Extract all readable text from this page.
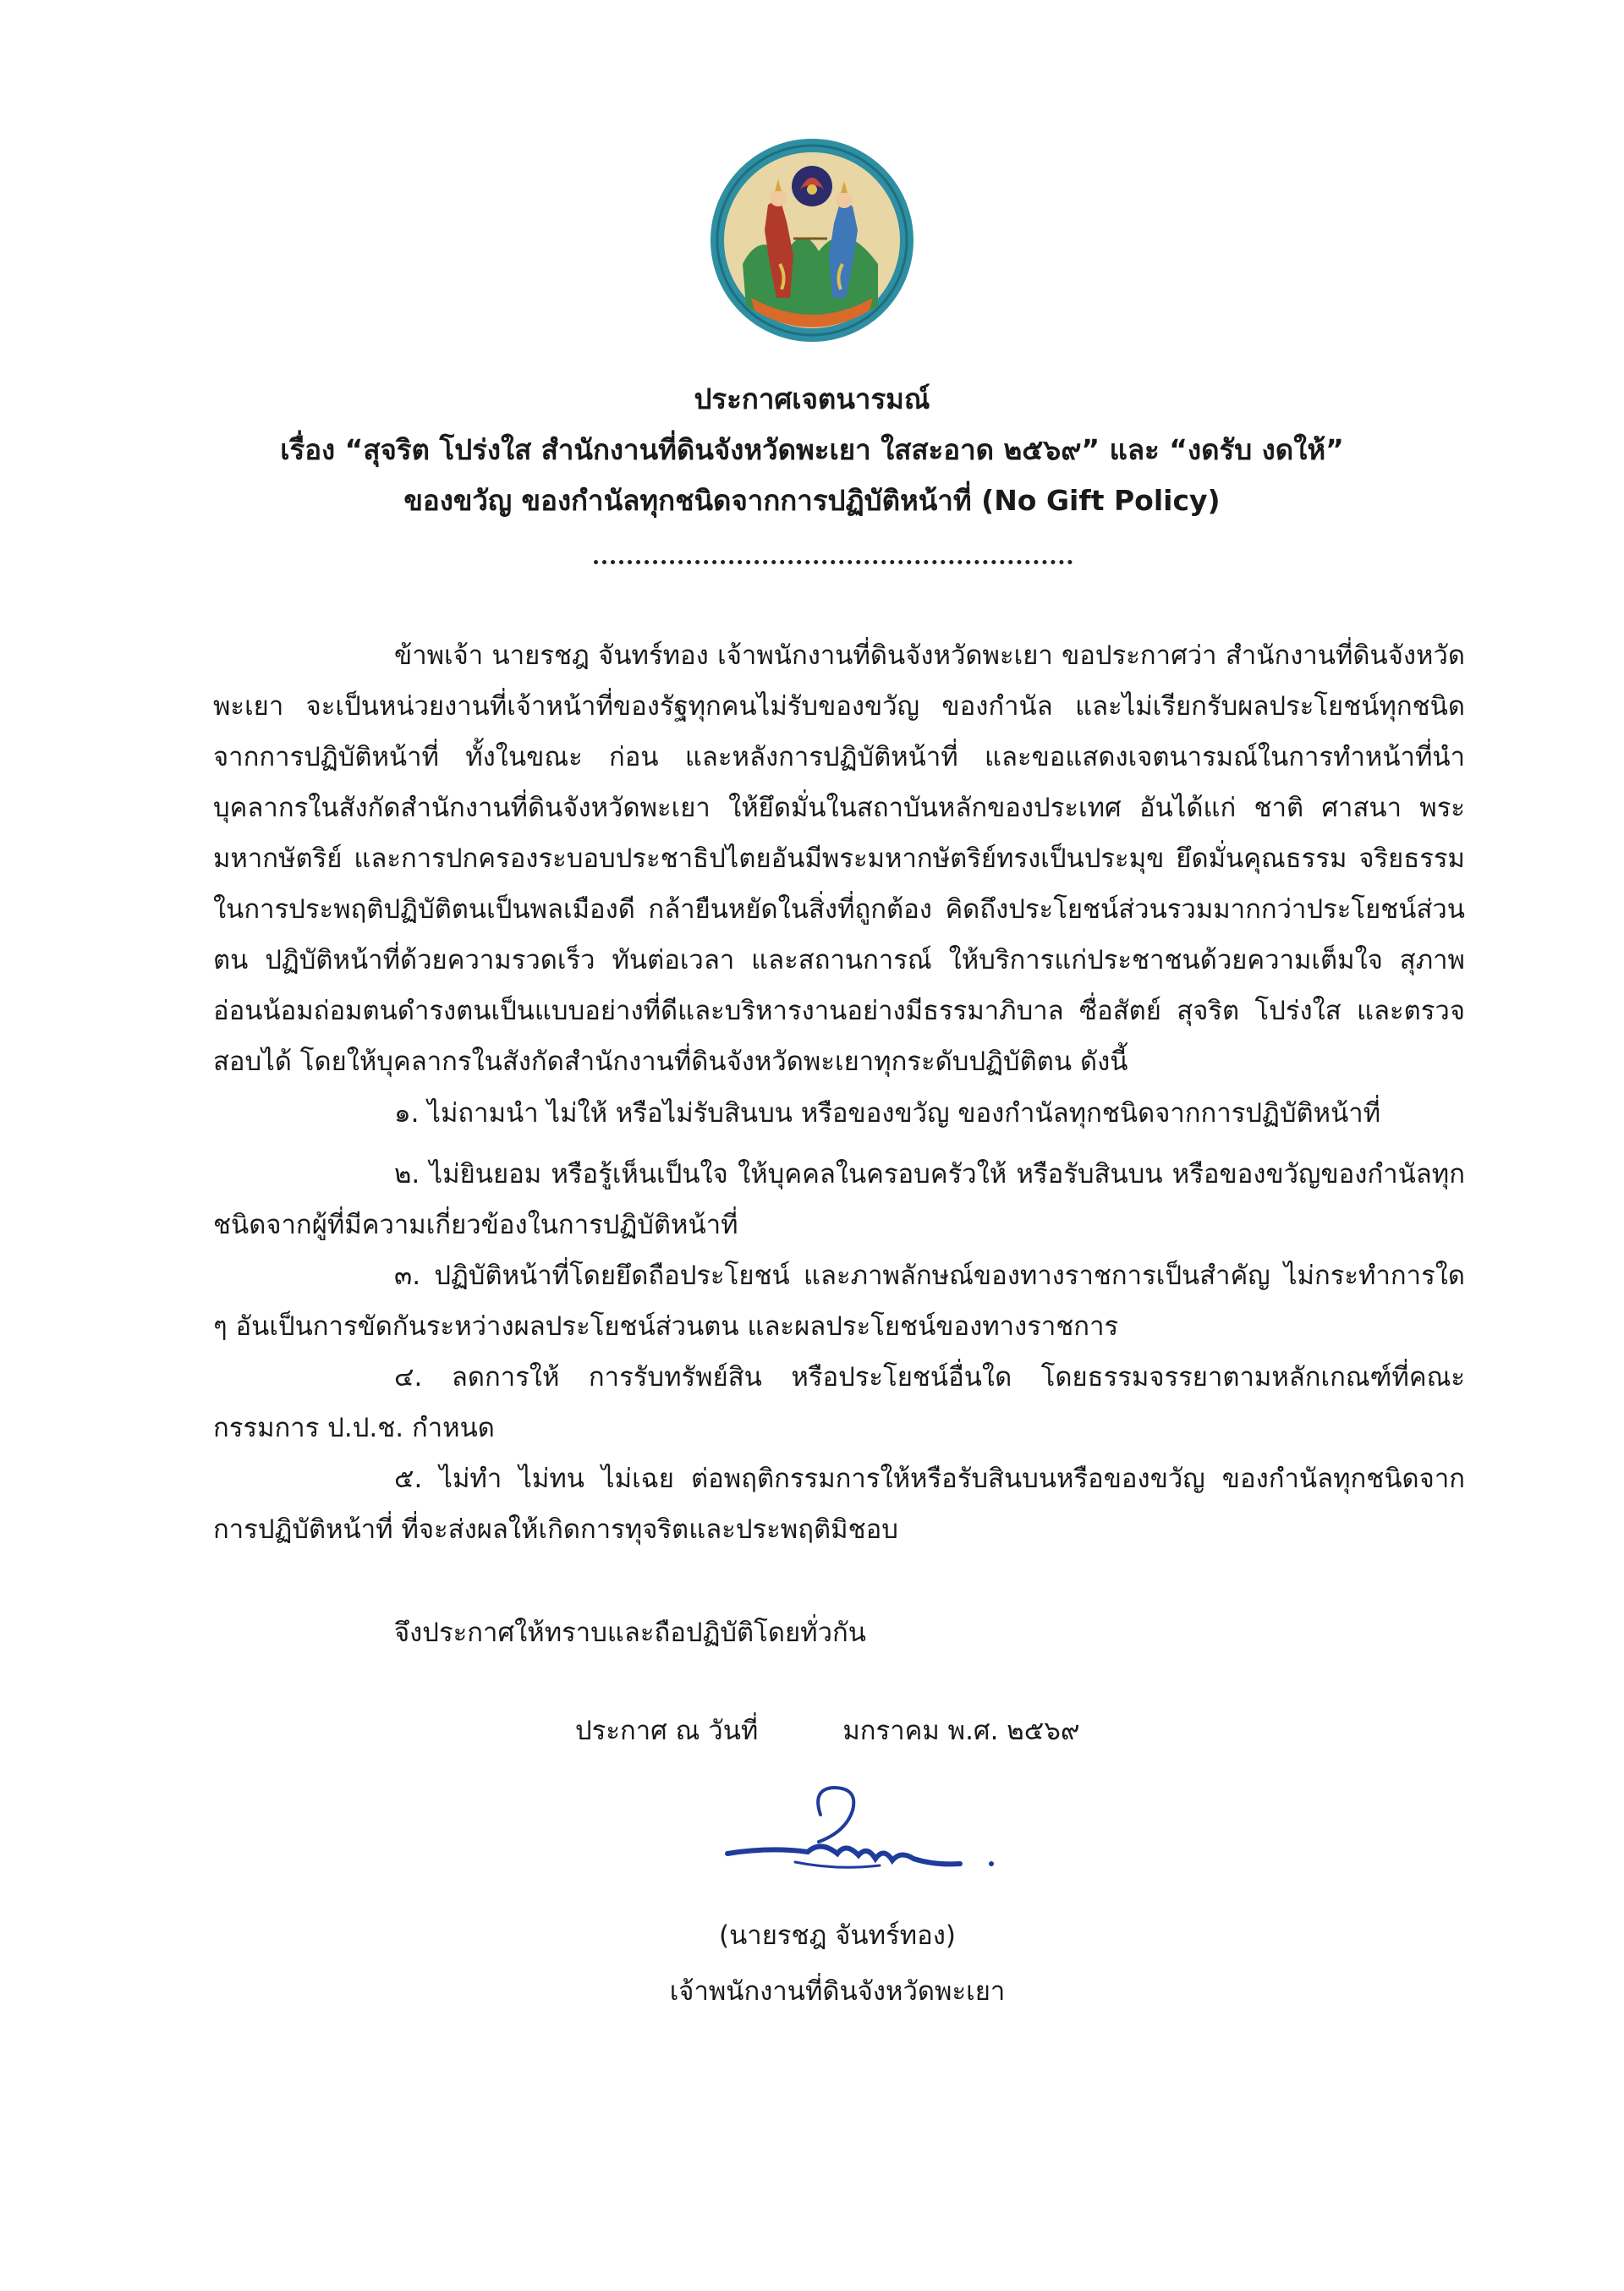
ประกาศเจตนารมณ์
เรื่อง “สุจริต โปร่งใส สำนักงานที่ดินจังหวัดพะเยา ใสสะอาด ๒๕๖๙” และ “งดรับ งดให้”
ของขวัญ ของกำนัลทุกชนิดจากการปฏิบัติหน้าที่ (No Gift Policy)

ข้าพเจ้า นายรชฎ จันทร์ทอง เจ้าพนักงานที่ดินจังหวัดพะเยา ขอประกาศว่า สำนักงานที่ดินจังหวัดพะเยา จะเป็นหน่วยงานที่เจ้าหน้าที่ของรัฐทุกคนไม่รับของขวัญ ของกำนัล และไม่เรียกรับผลประโยชน์ทุกชนิดจากการปฏิบัติหน้าที่ ทั้งในขณะ ก่อน และหลังการปฏิบัติหน้าที่ และขอแสดงเจตนารมณ์ในการทำหน้าที่นำบุคลากรในสังกัดสำนักงานที่ดินจังหวัดพะเยา ให้ยึดมั่นในสถาบันหลักของประเทศ อันได้แก่ ชาติ ศาสนา พระมหากษัตริย์ และการปกครองระบอบประชาธิปไตยอันมีพระมหากษัตริย์ทรงเป็นประมุข ยึดมั่นคุณธรรม จริยธรรมในการประพฤติปฏิบัติตนเป็นพลเมืองดี กล้ายืนหยัดในสิ่งที่ถูกต้อง คิดถึงประโยชน์ส่วนรวมมากกว่าประโยชน์ส่วนตน ปฏิบัติหน้าที่ด้วยความรวดเร็ว ทันต่อเวลา และสถานการณ์ ให้บริการแก่ประชาชนด้วยความเต็มใจ สุภาพ อ่อนน้อมถ่อมตนดำรงตนเป็นแบบอย่างที่ดีและบริหารงานอย่างมีธรรมาภิบาล ซื่อสัตย์ สุจริต โปร่งใส และตรวจสอบได้ โดยให้บุคลากรในสังกัดสำนักงานที่ดินจังหวัดพะเยาทุกระดับปฏิบัติตน ดังนี้

๑. ไม่ถามนำ ไม่ให้ หรือไม่รับสินบน หรือของขวัญ ของกำนัลทุกชนิดจากการปฏิบัติหน้าที่

๒. ไม่ยินยอม หรือรู้เห็นเป็นใจ ให้บุคคลในครอบครัวให้ หรือรับสินบน หรือของขวัญของกำนัลทุกชนิดจากผู้ที่มีความเกี่ยวข้องในการปฏิบัติหน้าที่

๓. ปฏิบัติหน้าที่โดยยึดถือประโยชน์ และภาพลักษณ์ของทางราชการเป็นสำคัญ ไม่กระทำการใด ๆ อันเป็นการขัดกันระหว่างผลประโยชน์ส่วนตน และผลประโยชน์ของทางราชการ

๔. ลดการให้ การรับทรัพย์สิน หรือประโยชน์อื่นใด โดยธรรมจรรยาตามหลักเกณฑ์ที่คณะกรรมการ ป.ป.ช. กำหนด

๕. ไม่ทำ ไม่ทน ไม่เฉย ต่อพฤติกรรมการให้หรือรับสินบนหรือของขวัญ ของกำนัลทุกชนิดจากการปฏิบัติหน้าที่ ที่จะส่งผลให้เกิดการทุจริตและประพฤติมิชอบ

จึงประกาศให้ทราบและถือปฏิบัติโดยทั่วกัน
ประกาศ ณ วันที่	มกราคม พ.ศ. ๒๕๖๙
(นายรชฎ จันทร์ทอง)
เจ้าพนักงานที่ดินจังหวัดพะเยา
